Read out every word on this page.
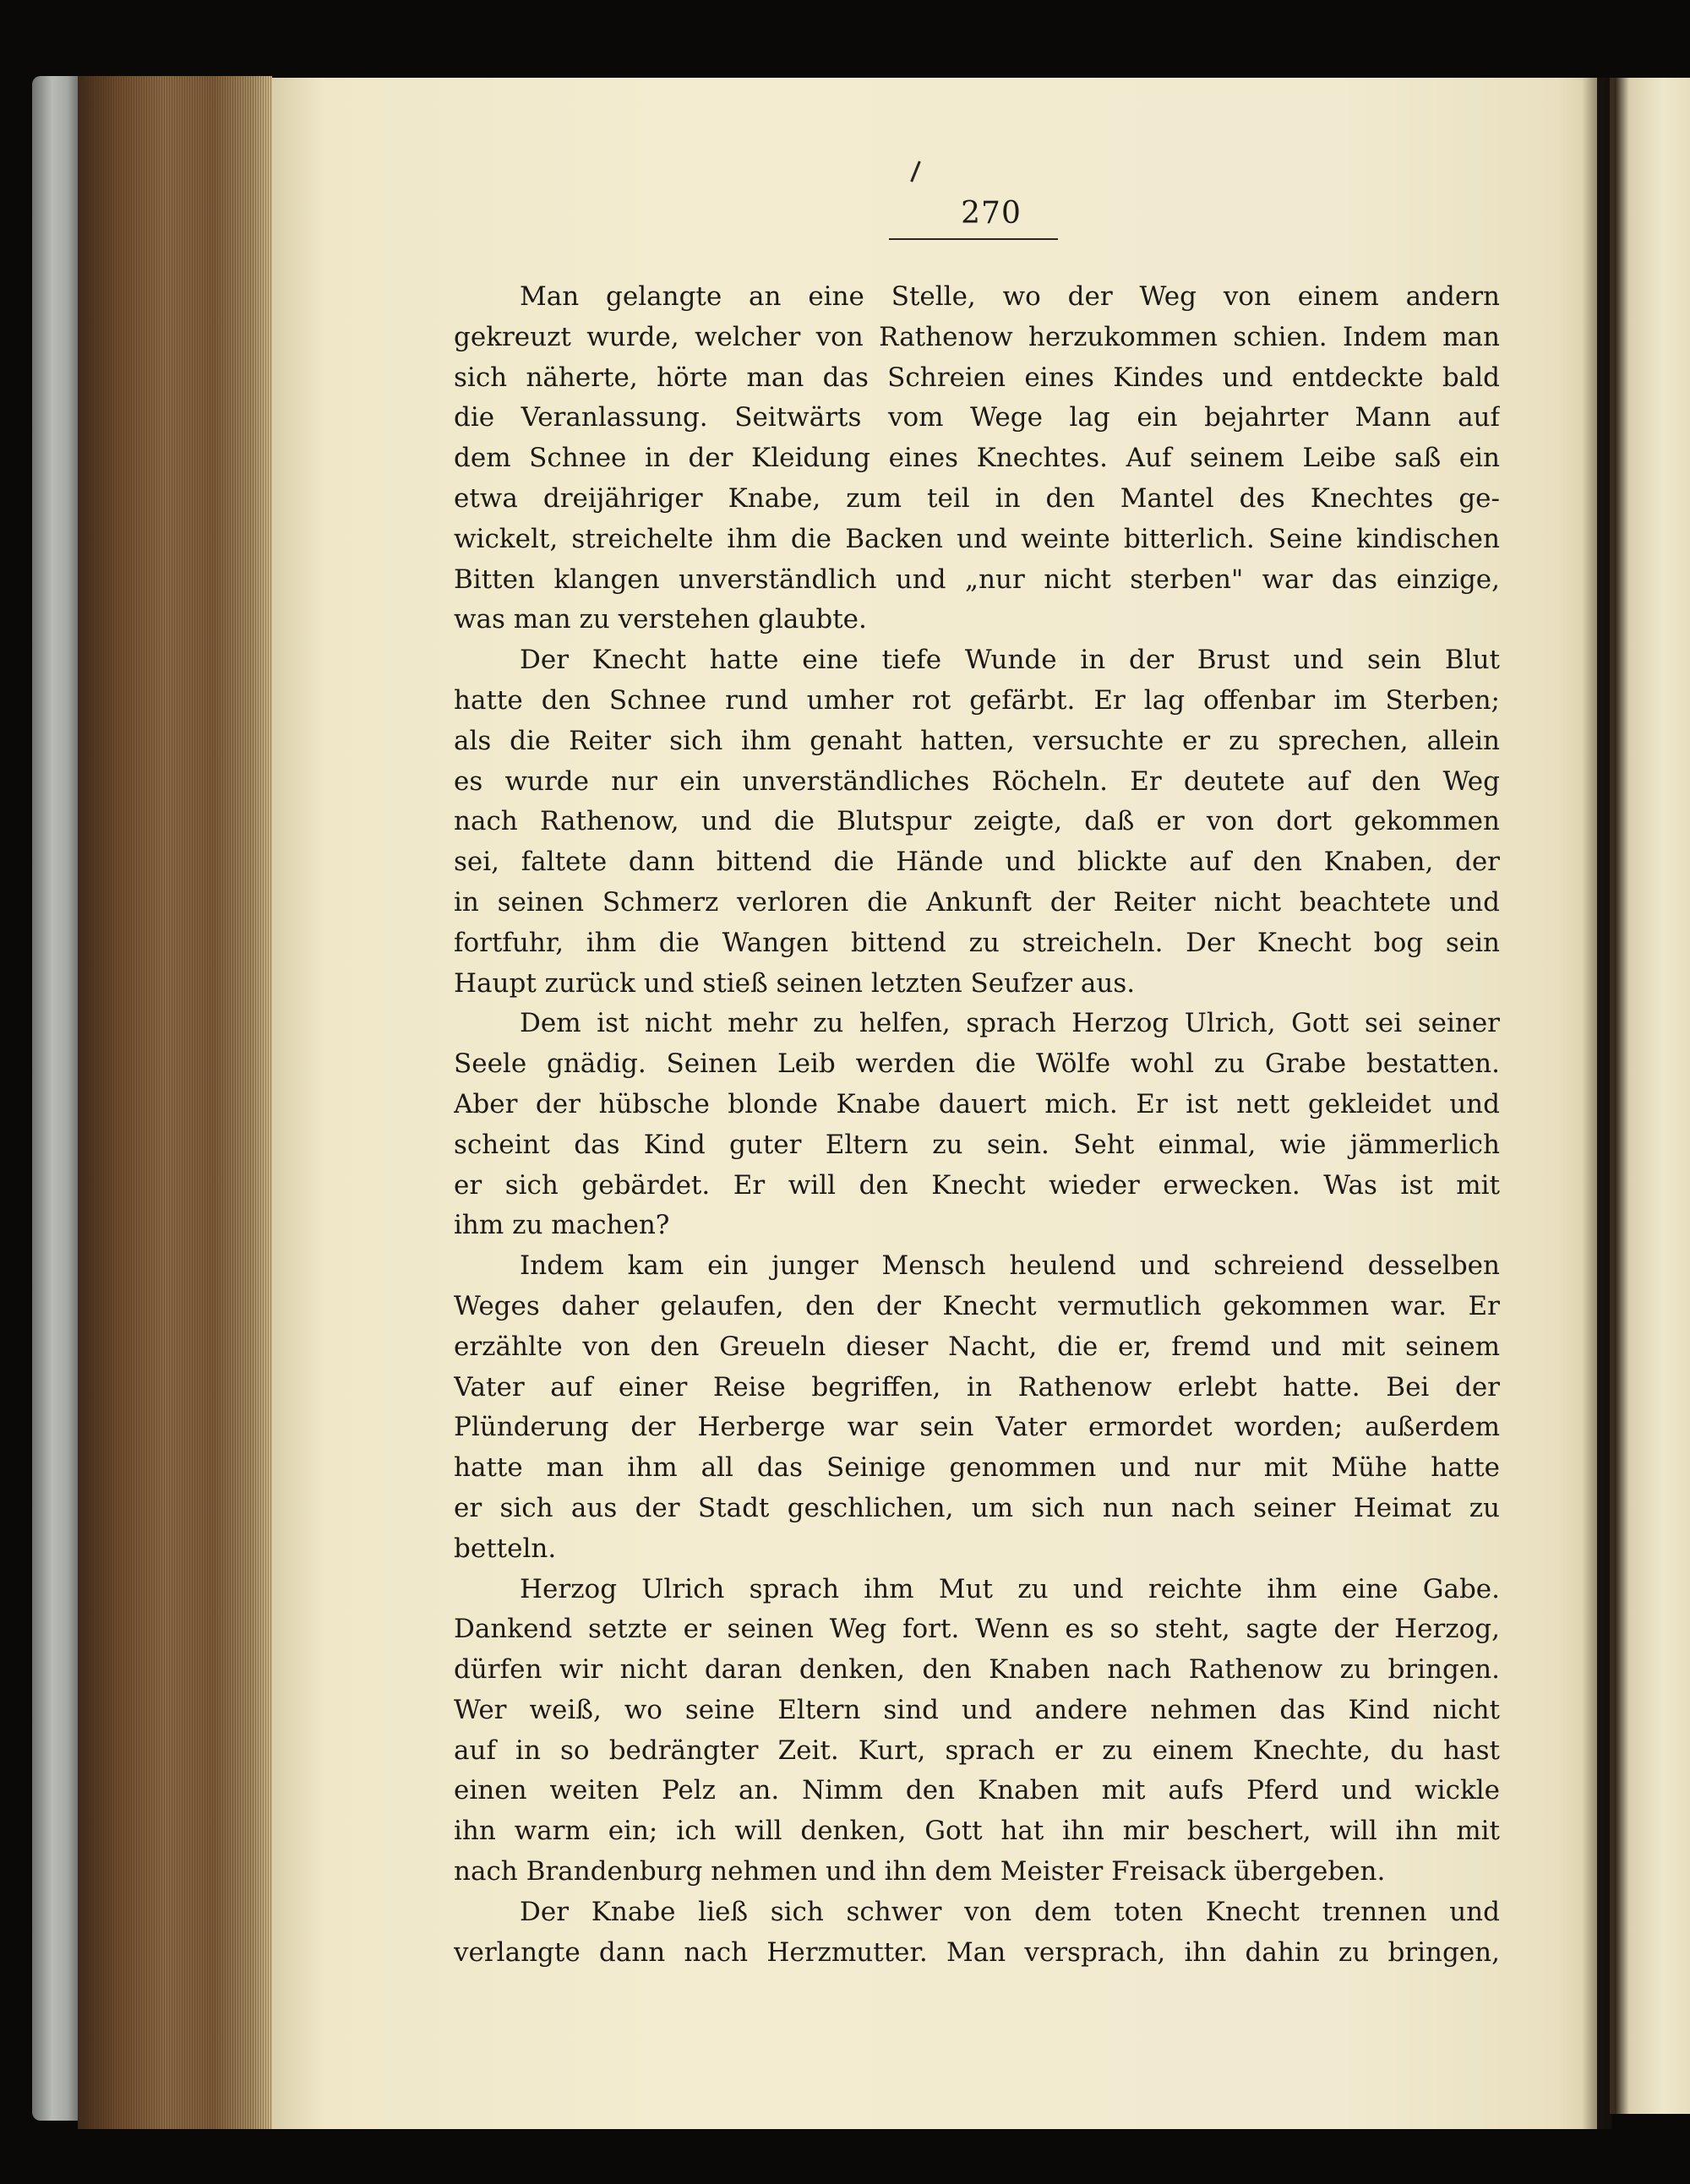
270
Man gelangte an eine Stelle, wo der Weg von einem andern
gekreuzt wurde, welcher von Rathenow herzukommen schien. Indem man
sich näherte, hörte man das Schreien eines Kindes und entdeckte bald
die Veranlassung. Seitwärts vom Wege lag ein bejahrter Mann auf
dem Schnee in der Kleidung eines Knechtes. Auf seinem Leibe saß ein
etwa dreijähriger Knabe, zum teil in den Mantel des Knechtes ge-
wickelt, streichelte ihm die Backen und weinte bitterlich. Seine kindischen
Bitten klangen unverständlich und „nur nicht sterben" war das einzige,
was man zu verstehen glaubte.
Der Knecht hatte eine tiefe Wunde in der Brust und sein Blut
hatte den Schnee rund umher rot gefärbt. Er lag offenbar im Sterben;
als die Reiter sich ihm genaht hatten, versuchte er zu sprechen, allein
es wurde nur ein unverständliches Röcheln. Er deutete auf den Weg
nach Rathenow, und die Blutspur zeigte, daß er von dort gekommen
sei, faltete dann bittend die Hände und blickte auf den Knaben, der
in seinen Schmerz verloren die Ankunft der Reiter nicht beachtete und
fortfuhr, ihm die Wangen bittend zu streicheln. Der Knecht bog sein
Haupt zurück und stieß seinen letzten Seufzer aus.
Dem ist nicht mehr zu helfen, sprach Herzog Ulrich, Gott sei seiner
Seele gnädig. Seinen Leib werden die Wölfe wohl zu Grabe bestatten.
Aber der hübsche blonde Knabe dauert mich. Er ist nett gekleidet und
scheint das Kind guter Eltern zu sein. Seht einmal, wie jämmerlich
er sich gebärdet. Er will den Knecht wieder erwecken. Was ist mit
ihm zu machen?
Indem kam ein junger Mensch heulend und schreiend desselben
Weges daher gelaufen, den der Knecht vermutlich gekommen war. Er
erzählte von den Greueln dieser Nacht, die er, fremd und mit seinem
Vater auf einer Reise begriffen, in Rathenow erlebt hatte. Bei der
Plünderung der Herberge war sein Vater ermordet worden; außerdem
hatte man ihm all das Seinige genommen und nur mit Mühe hatte
er sich aus der Stadt geschlichen, um sich nun nach seiner Heimat zu
betteln.
Herzog Ulrich sprach ihm Mut zu und reichte ihm eine Gabe.
Dankend setzte er seinen Weg fort. Wenn es so steht, sagte der Herzog,
dürfen wir nicht daran denken, den Knaben nach Rathenow zu bringen.
Wer weiß, wo seine Eltern sind und andere nehmen das Kind nicht
auf in so bedrängter Zeit. Kurt, sprach er zu einem Knechte, du hast
einen weiten Pelz an. Nimm den Knaben mit aufs Pferd und wickle
ihn warm ein; ich will denken, Gott hat ihn mir beschert, will ihn mit
nach Brandenburg nehmen und ihn dem Meister Freisack übergeben.
Der Knabe ließ sich schwer von dem toten Knecht trennen und
verlangte dann nach Herzmutter. Man versprach, ihn dahin zu bringen,
